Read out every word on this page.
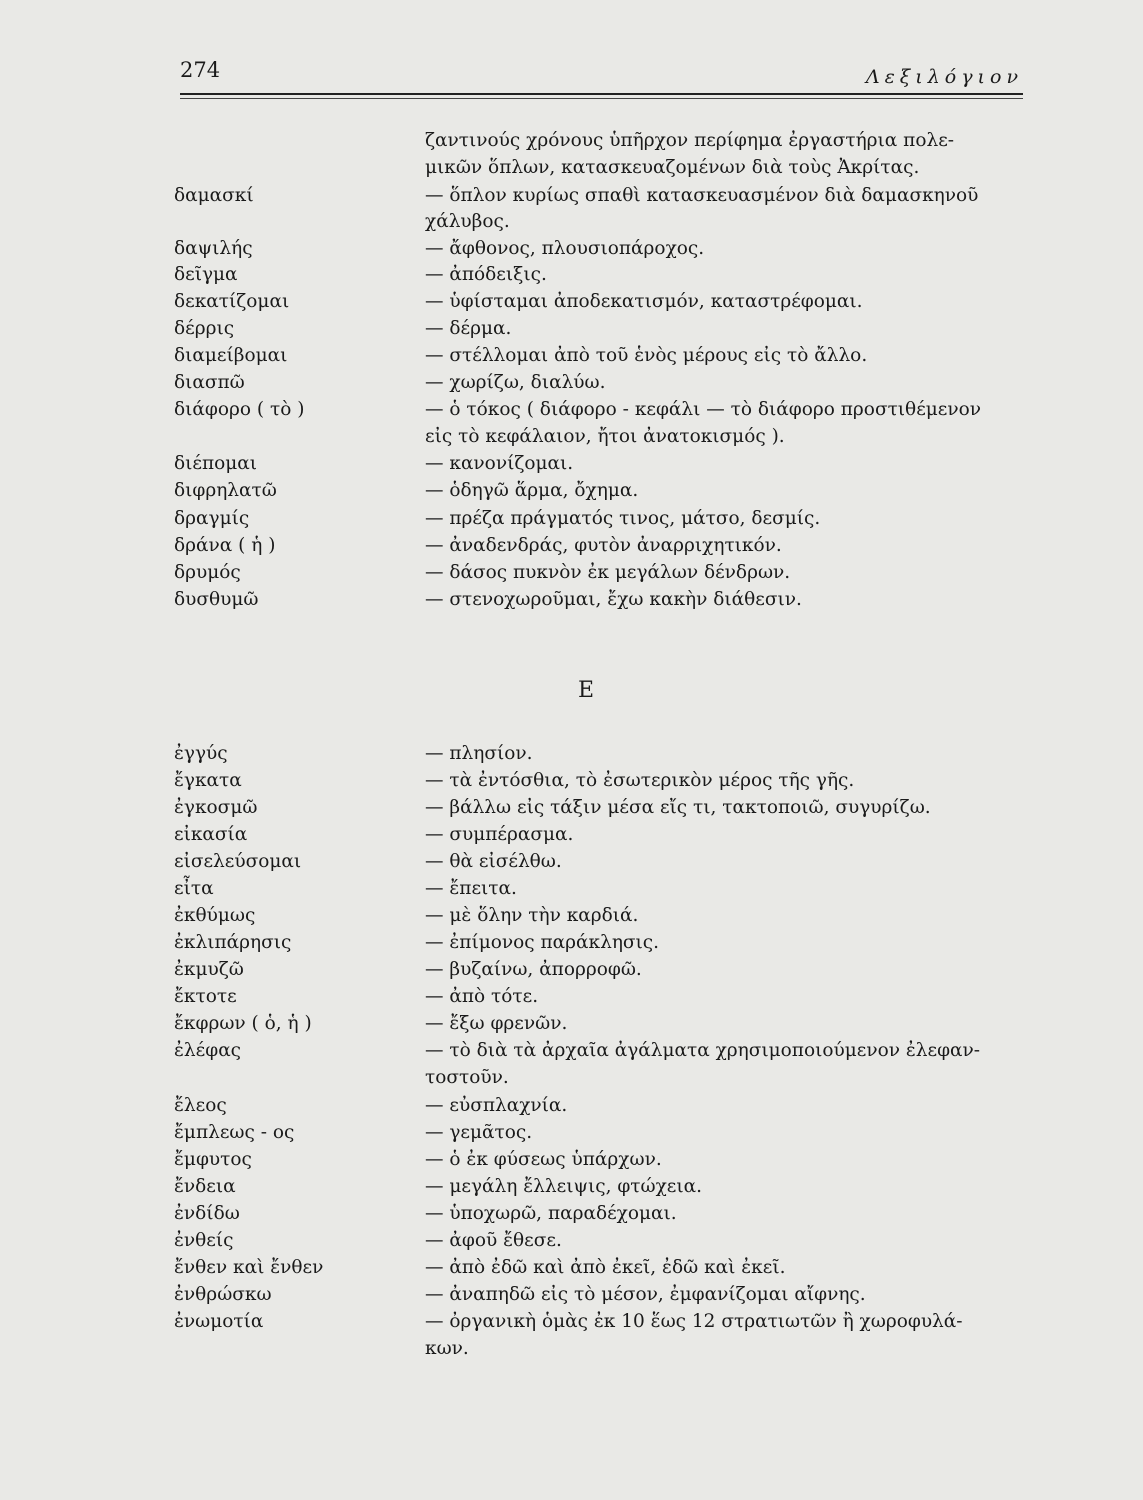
274	Λεξιλόγιον
ζαντινούς χρόνους ὑπῆρχον περίφημα ἐργαστήρια πολε-
μικῶν ὅπλων, κατασκευαζομένων διὰ τοὺς Ἀκρίτας.
δαμασκί	— ὅπλον κυρίως σπαθὶ κατασκευασμένον διὰ δαμασκηνοῦ
χάλυβος.
δαψιλής	— ἄφθονος, πλουσιοπάροχος.
δεῖγμα	— ἀπόδειξις.
δεκατίζομαι	— ὑφίσταμαι ἀποδεκατισμόν, καταστρέφομαι.
δέρρις	— δέρμα.
διαμείβομαι	— στέλλομαι ἀπὸ τοῦ ἑνὸς μέρους εἰς τὸ ἄλλο.
διασπῶ	— χωρίζω, διαλύω.
διάφορο ( τὸ )	— ὁ τόκος ( διάφορο - κεφάλι — τὸ διάφορο προστιθέμενον
εἰς τὸ κεφάλαιον, ἤτοι ἀνατοκισμός ).
διέπομαι	— κανονίζομαι.
διφρηλατῶ	— ὁδηγῶ ἅρμα, ὄχημα.
δραγμίς	— πρέζα πράγματός τινος, μάτσο, δεσμίς.
δράνα ( ἡ )	— ἀναδενδράς, φυτὸν ἀναρριχητικόν.
δρυμός	— δάσος πυκνὸν ἐκ μεγάλων δένδρων.
δυσθυμῶ	— στενοχωροῦμαι, ἔχω κακὴν διάθεσιν.
ἐγγύς	— πλησίον.
ἔγκατα	— τὰ ἐντόσθια, τὸ ἐσωτερικὸν μέρος τῆς γῆς.
ἐγκοσμῶ	— βάλλω εἰς τάξιν μέσα εἴς τι, τακτοποιῶ, συγυρίζω.
εἰκασία	— συμπέρασμα.
εἰσελεύσομαι	— θὰ εἰσέλθω.
εἶτα	— ἔπειτα.
ἐκθύμως	— μὲ ὅλην τὴν καρδιά.
ἐκλιπάρησις	— ἐπίμονος παράκλησις.
ἐκμυζῶ	— βυζαίνω, ἀπορροφῶ.
ἔκτοτε	— ἀπὸ τότε.
ἔκφρων ( ὁ, ἡ )	— ἔξω φρενῶν.
ἐλέφας	— τὸ διὰ τὰ ἀρχαῖα ἀγάλματα χρησιμοποιούμενον ἐλεφαν-
τοστοῦν.
ἔλεος	— εὐσπλαχνία.
ἔμπλεως - ος	— γεμᾶτος.
ἔμφυτος	— ὁ ἐκ φύσεως ὑπάρχων.
ἔνδεια	— μεγάλη ἔλλειψις, φτώχεια.
ἐνδίδω	— ὑποχωρῶ, παραδέχομαι.
ἐνθείς	— ἀφοῦ ἔθεσε.
ἔνθεν καὶ ἔνθεν	— ἀπὸ ἐδῶ καὶ ἀπὸ ἐκεῖ, ἐδῶ καὶ ἐκεῖ.
ἐνθρώσκω	— ἀναπηδῶ εἰς τὸ μέσον, ἐμφανίζομαι αἴφνης.
ἐνωμοτία	— ὀργανικὴ ὁμὰς ἐκ 10 ἕως 12 στρατιωτῶν ἢ χωροφυλά-
κων.
Ε
